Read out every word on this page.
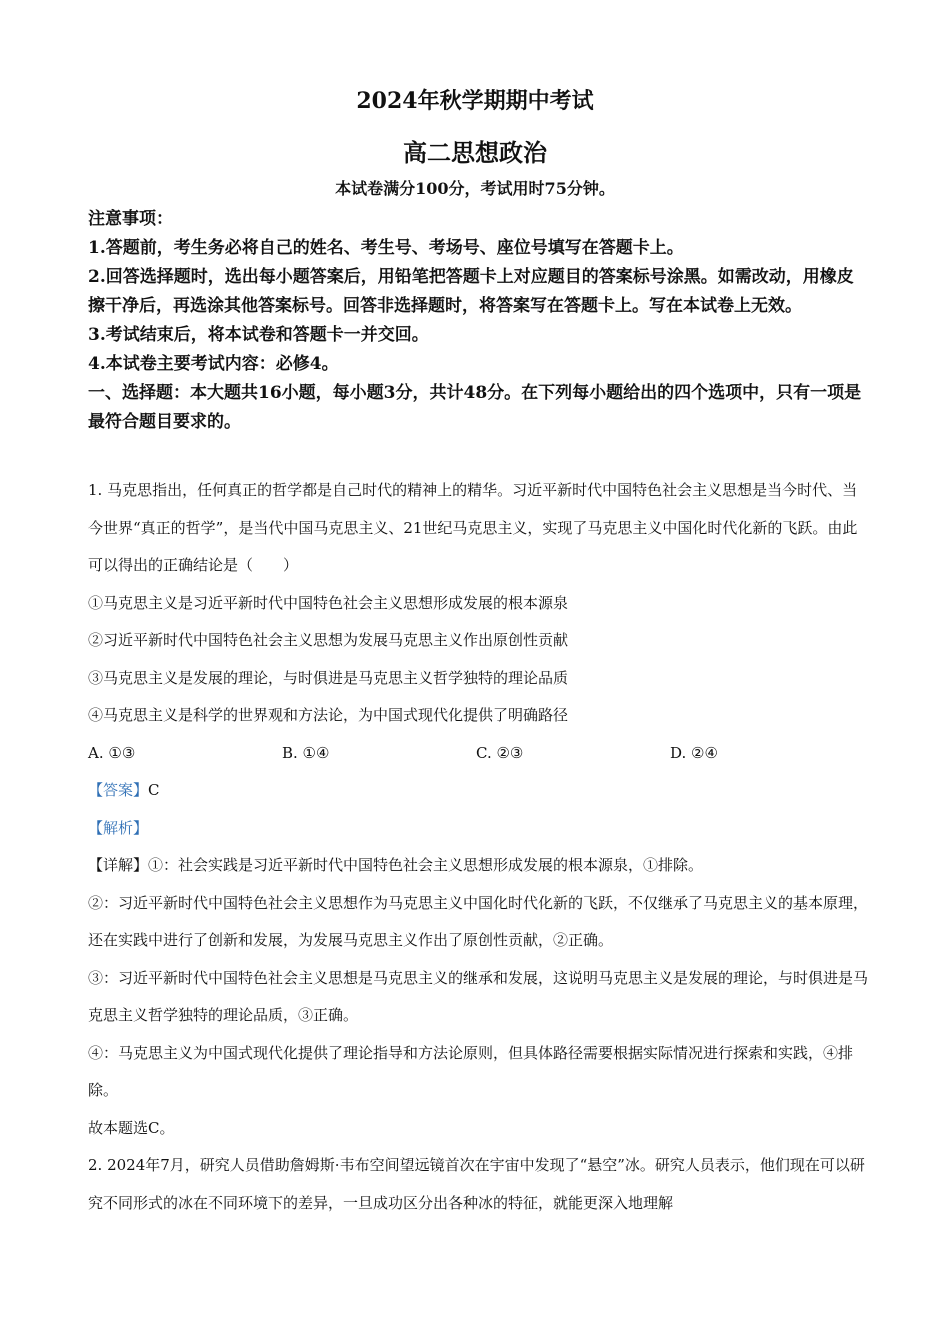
2024年秋学期期中考试
高二思想政治
本试卷满分100分，考试用时75分钟。

注意事项：

1.答题前，考生务必将自己的姓名、考生号、考场号、座位号填写在答题卡上。

2.回答选择题时，选出每小题答案后，用铅笔把答题卡上对应题目的答案标号涂黑。如需改动，用橡皮擦干净后，再选涂其他答案标号。回答非选择题时，将答案写在答题卡上。写在本试卷上无效。

3.考试结束后，将本试卷和答题卡一并交回。

4.本试卷主要考试内容：必修4。

一、选择题：本大题共16小题，每小题3分，共计48分。在下列每小题给出的四个选项中，只有一项是最符合题目要求的。

1. 马克思指出，任何真正的哲学都是自己时代的精神上的精华。习近平新时代中国特色社会主义思想是当今时代、当今世界“真正的哲学”，是当代中国马克思主义、21世纪马克思主义，实现了马克思主义中国化时代化新的飞跃。由此可以得出的正确结论是（　　）

①马克思主义是习近平新时代中国特色社会主义思想形成发展的根本源泉

②习近平新时代中国特色社会主义思想为发展马克思主义作出原创性贡献

③马克思主义是发展的理论，与时俱进是马克思主义哲学独特的理论品质

④马克思主义是科学的世界观和方法论，为中国式现代化提供了明确路径

A. ①③	B. ①④	C. ②③	D. ②④

【答案】C

【解析】

【详解】①：社会实践是习近平新时代中国特色社会主义思想形成发展的根本源泉，①排除。

②：习近平新时代中国特色社会主义思想作为马克思主义中国化时代化新的飞跃，不仅继承了马克思主义的基本原理，还在实践中进行了创新和发展，为发展马克思主义作出了原创性贡献，②正确。

③：习近平新时代中国特色社会主义思想是马克思主义的继承和发展，这说明马克思主义是发展的理论，与时俱进是马克思主义哲学独特的理论品质，③正确。

④：马克思主义为中国式现代化提供了理论指导和方法论原则，但具体路径需要根据实际情况进行探索和实践，④排除。

故本题选C。

2. 2024年7月，研究人员借助詹姆斯·韦布空间望远镜首次在宇宙中发现了“悬空”冰。研究人员表示，他们现在可以研究不同形式的冰在不同环境下的差异，一旦成功区分出各种冰的特征，就能更深入地理解
